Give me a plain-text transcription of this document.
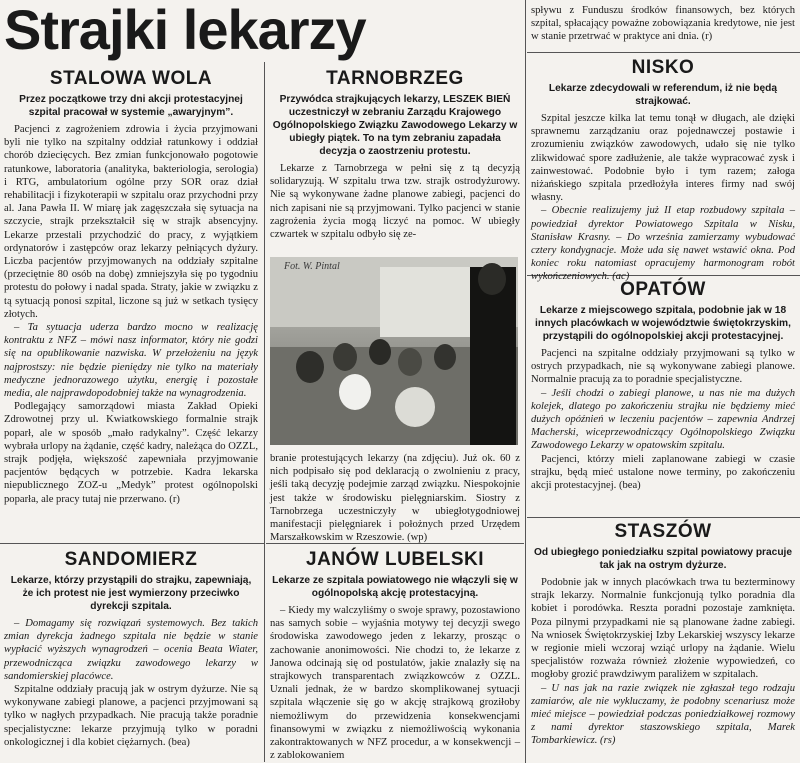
Strajki lekarzy
STALOWA WOLA
Przez początkowe trzy dni akcji protestacyjnej szpital pracował w systemie „awaryjnym”.

Pacjenci z zagrożeniem zdrowia i życia przyjmowani byli nie tylko na szpitalny oddział ratunkowy i oddział chorób dziecięcych. Bez zmian funkcjonowało pogotowie ratunkowe, laboratoria (analityka, bakteriologia, serologia) i RTG, ambulatorium ogólne przy SOR oraz dział rehabilitacji i fizykoterapii w szpitalu oraz przychodni przy al. Jana Pawła II. W miarę jak zagęszczała się sytuacja na szczycie, strajk przekształcił się w strajk absencyjny. Lekarze przestali przychodzić do pracy, z wyjątkiem ordynatorów i zastępców oraz lekarzy pełniących dyżury. Liczba pacjentów przyjmowanych na oddziały szpitalne (przeciętnie 80 osób na dobę) zmniejszyła się po tygodniu protestu do połowy i nadal spada. Straty, jakie w związku z tą sytuacją ponosi szpital, liczone są już w setkach tysięcy złotych.

– Ta sytuacja uderza bardzo mocno w realizację kontraktu z NFZ – mówi nasz informator, który nie godzi się na opublikowanie nazwiska. W przełożeniu na język najprostszy: nie będzie pieniędzy nie tylko na materiały medyczne jednorazowego użytku, energię i pozostałe media, ale najprawdopodobniej także na wynagrodzenia.

Podlegający samorządowi miasta Zakład Opieki Zdrowotnej przy ul. Kwiatkowskiego formalnie strajk poparł, ale w sposób „mało radykalny”. Część lekarzy wybrała urlopy na żądanie, część kadry, należąca do OZZL, strajk podjęła, większość zapewniała przyjmowanie pacjentów będących w potrzebie. Kadra lekarska niepublicznego ZOZ-u „Medyk” protest ogólnopolski poparła, ale pracy tutaj nie przerwano. (r)

TARNOBRZEG
Przywódca strajkujących lekarzy, LESZEK BIEŃ uczestniczył w zebraniu Zarządu Krajowego Ogólnopolskiego Związku Zawodowego Lekarzy w ubiegły piątek. To na tym zebraniu zapadała decyzja o zaostrzeniu protestu.

Lekarze z Tarnobrzega w pełni się z tą decyzją solidaryzują. W szpitalu trwa tzw. strajk ostrodyżurowy. Nie są wykonywane żadne planowe zabiegi, pacjenci do nich zapisani nie są przyjmowani. Tylko pacjenci w stanie zagrożenia życia mogą liczyć na pomoc. W ubiegły czwartek w szpitalu odbyło się ze-

Fot. W. Pintal

branie protestujących lekarzy (na zdjęciu). Już ok. 60 z nich podpisało się pod deklaracją o zwolnieniu z pracy, jeśli taką decyzję podejmie zarząd związku. Niespokojnie jest także w środowisku pielęgniarskim. Siostry z Tarnobrzega uczestniczyły w ubiegłotygodniowej manifestacji pielęgniarek i położnych przed Urzędem Marszałkowskim w Rzeszowie. (wp)

SANDOMIERZ
Lekarze, którzy przystąpili do strajku, zapewniają, że ich protest nie jest wymierzony przeciwko dyrekcji szpitala.

– Domagamy się rozwiązań systemowych. Bez takich zmian dyrekcja żadnego szpitala nie będzie w stanie wypłacić wyższych wynagrodzeń – ocenia Beata Wiater, przewodnicząca związku zawodowego lekarzy w sandomierskiej placówce.

Szpitalne oddziały pracują jak w ostrym dyżurze. Nie są wykonywane zabiegi planowe, a pacjenci przyjmowani są tylko w nagłych przypadkach. Nie pracują także poradnie specjalistyczne: lekarze przyjmują tylko w poradni onkologicznej i dla kobiet ciężarnych. (bea)

JANÓW LUBELSKI
Lekarze ze szpitala powiatowego nie włączyli się w ogólnopolską akcję protestacyjną.

– Kiedy my walczyliśmy o swoje sprawy, pozostawiono nas samych sobie – wyjaśnia motywy tej decyzji swego środowiska zawodowego jeden z lekarzy, prosząc o zachowanie anonimowości. Nie chodzi to, że lekarze z Janowa odcinają się od postulatów, jakie znalazły się na strajkowych transparentach związkowców z OZZL. Uznali jednak, że w bardzo skomplikowanej sytuacji szpitala włączenie się go w akcję strajkową groziłoby niemożliwym do przewidzenia konsekwencjami finansowymi w związku z niemożliwością wykonania zakontraktowanych w NFZ procedur, a w konsekwencji – z zablokowaniem

spływu z Funduszu środków finansowych, bez których szpital, spłacający poważne zobowiązania kredytowe, nie jest w stanie przetrwać w praktyce ani dnia. (r)

NISKO
Lekarze zdecydowali w referendum, iż nie będą strajkować.

Szpital jeszcze kilka lat temu tonął w długach, ale dzięki sprawnemu zarządzaniu oraz pojednawczej postawie i zrozumieniu związków zawodowych, udało się nie tylko zlikwidować spore zadłużenie, ale także wypracować zysk i zainwestować. Podobnie było i tym razem; załoga niżańskiego szpitala przedłożyła interes firmy nad swój własny.

– Obecnie realizujemy już II etap rozbudowy szpitala – powiedział dyrektor Powiatowego Szpitala w Nisku, Stanisław Krasny. – Do września zamierzamy wybudować cztery kondygnacje. Może uda się nawet wstawić okna. Pod koniec roku natomiast opracujemy harmonogram robót wykończeniowych. (ac)

OPATÓW
Lekarze z miejscowego szpitala, podobnie jak w 18 innych placówkach w województwie świętokrzyskim, przystąpili do ogólnopolskiej akcji protestacyjnej.

Pacjenci na szpitalne oddziały przyjmowani są tylko w ostrych przypadkach, nie są wykonywane zabiegi planowe. Normalnie pracują za to poradnie specjalistyczne.

– Jeśli chodzi o zabiegi planowe, u nas nie ma dużych kolejek, dlatego po zakończeniu strajku nie będziemy mieć dużych opóźnień w leczeniu pacjentów – zapewnia Andrzej Macherski, wiceprzewodniczący Ogólnopolskiego Związku Zawodowego Lekarzy w opatowskim szpitalu.

Pacjenci, którzy mieli zaplanowane zabiegi w czasie strajku, będą mieć ustalone nowe terminy, po zakończeniu akcji protestacyjnej. (bea)

STASZÓW
Od ubiegłego poniedziałku szpital powiatowy pracuje tak jak na ostrym dyżurze.

Podobnie jak w innych placówkach trwa tu bezterminowy strajk lekarzy. Normalnie funkcjonują tylko poradnia dla kobiet i porodówka. Reszta poradni pozostaje zamknięta. Poza pilnymi przypadkami nie są planowane żadne zabiegi. Na wniosek Świętokrzyskiej Izby Lekarskiej wszyscy lekarze w regionie mieli wczoraj wziąć urlopy na żądanie. Wielu specjalistów rozważa również złożenie wypowiedzeń, co mogłoby grozić prawdziwym paraliżem w szpitalach.

– U nas jak na razie związek nie zgłaszał tego rodzaju zamiarów, ale nie wykluczamy, że podobny scenariusz może mieć miejsce – powiedział podczas poniedziałkowej rozmowy z nami dyrektor staszowskiego szpitala, Marek Tombarkiewicz. (rs)
